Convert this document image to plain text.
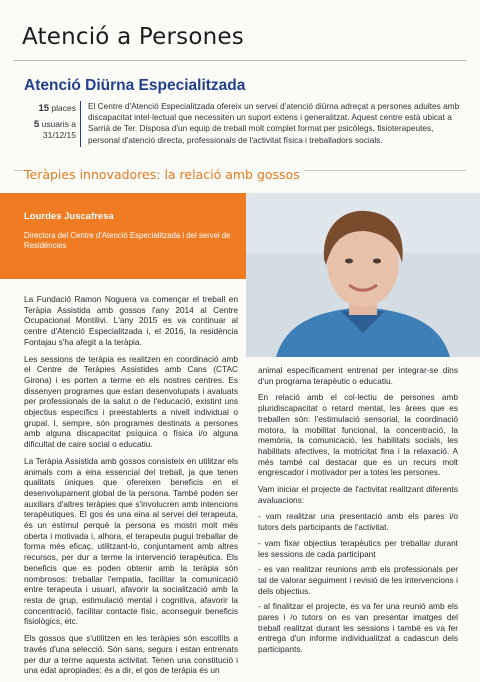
Atenció a Persones
Atenció Diürna Especialitzada
15 places
5 usuaris a 31/12/15
El Centre d'Atenció Especialitzada ofereix un servei d'atenció diürna adreçat a persones adultes amb discapacitat intel·lectual que necessiten un suport extens i generalitzat. Aquest centre està ubicat a Sarrià de Ter. Disposa d'un equip de treball molt complet format per psicòlegs, fisioterapeutes, personal d'atenció directa, professionals de l'activitat física i treballadors socials.
Teràpies innovadores: la relació amb gossos
Lourdes Juscafresa
Directora del Centre d'Atenció Especialitzada i del servei de Residències

La Fundació Ramon Noguera va començar el treball en Teràpia Assistida amb gossos l'any 2014 al Centre Ocupacional Montilivi. L'any 2015 es va continuar al centre d'Atenció Especialitzada i, el 2016, la residència Fontajau s'ha afegit a la teràpia.

Les sessions de teràpia es realitzen en coordinació amb el Centre de Teràpies Assistides amb Cans (CTAC Girona) i es porten a terme en els nostres centres. Es dissenyen programes que estan desenvolupats i avaluats per professionals de la salut o de l'educació, existint uns objectius específics i preestablerts a nivell individual o grupal. I, sempre, són programes destinats a persones amb alguna discapacitat psíquica o física i/o alguna dificultat de caire social o educatiu.

La Teràpia Assistida amb gossos consisteix en utilitzar els animals com a eina essencial del treball, ja que tenen qualitats úniques que ofereixen beneficis en el desenvolupament global de la persona. També poden ser auxiliars d'altres teràpies que s'involucren amb intencions terapèutiques. El gos és una eina al servei del terapeuta, és un estímul perquè la persona es mostri molt més oberta i motivada i, alhora, el terapeuta pugui treballar de forma més eficaç, utilitzant-lo, conjuntament amb altres recursos, per dur a terme la intervenció terapèutica. Els beneficis que es poden obtenir amb la teràpia són nombrosos: treballar l'empatia, facilitar la comunicació entre terapeuta i usuari, afavorir la socialització amb la resta de grup, estimulació mental i cognitiva, afavorir la concentració, facilitar contacte físic, aconseguir beneficis fisiològics, etc.

Els gossos que s'utilitzen en les teràpies són escollits a través d'una selecció. Són sans, segurs i estan entrenats per dur a terme aquesta activitat. Tenen una constitució i una edat apropiades; és a dir, el gos de teràpia és un

animal específicament entrenat per integrar-se dins d'un programa terapèutic o educatiu.

En relació amb el col·lectiu de persones amb pluridiscapacitat o retard mental, les àrees que es treballen són: l'estimulació sensorial, la coordinació motora, la mobilitat funcional, la concentració, la memòria, la comunicació, les habilitats socials, les habilitats afectives, la motricitat fina i la relaxació. A més també cal destacar que es un recurs molt engrescador i motivador per a totes les persones.

Vam iniciar el projecte de l'activitat realitzant diferents avaluacions:

- vam realitzar una presentació amb els pares i/o tutors dels participants de l'activitat.

- vam fixar objectius terapèutics per treballar durant les sessions de cada participant

- es van realitzar reunions amb els professionals per tal de valorar seguiment i revisió de les intervencions i dels objectius.

- al finalitzar el projecte, es va fer una reunió amb els pares i /o tutors on es van presentar imatges del treball realitzat durant les sessions i també es va fer entrega d'un informe individualitzat a cadascun dels participants.
